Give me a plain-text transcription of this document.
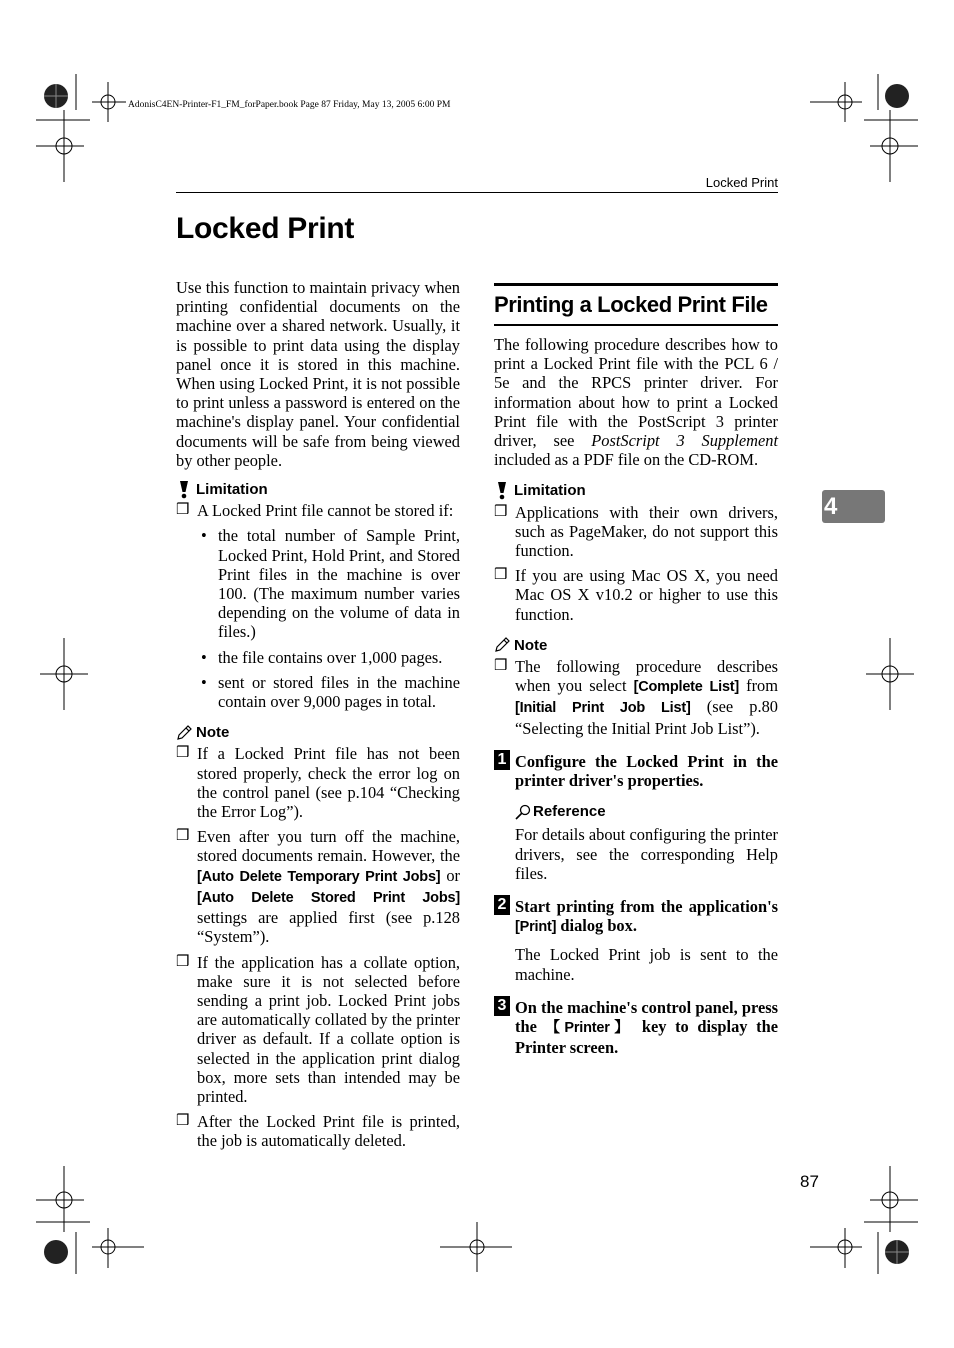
AdonisC4EN-Printer-F1_FM_forPaper.book Page 87 Friday, May 13, 2005 6:00 PM
Locked Print
Locked Print
4
87

Use this function to maintain privacy when printing confidential documents on the machine over a shared network. Usually, it is possible to print data using the display panel once it is stored in this machine. When using Locked Print, it is not possible to print unless a password is entered on the machine's display panel. Your confidential documents will be safe from being viewed by other people.

Limitation
❒ A Locked Print file cannot be stored if:
• the total number of Sample Print, Locked Print, Hold Print, and Stored Print files in the machine is over 100. (The maximum number varies depending on the volume of data in files.)
• the file contains over 1,000 pages.
• sent or stored files in the machine contain over 9,000 pages in total.
Note
❒ If a Locked Print file has not been stored properly, check the error log on the control panel (see p.104 “Checking the Error Log”).
❒ Even after you turn off the machine, stored documents remain. However, the [Auto Delete Temporary Print Jobs] or [Auto Delete Stored Print Jobs] settings are applied first (see p.128 “System”).
❒ If the application has a collate option, make sure it is not selected before sending a print job. Locked Print jobs are automatically collated by the printer driver as default. If a collate option is selected in the application print dialog box, more sets than intended may be printed.
❒ After the Locked Print file is printed, the job is automatically deleted.
Printing a Locked Print File

The following procedure describes how to print a Locked Print file with the PCL 6 / 5e and the RPCS printer driver. For information about how to print a Locked Print file with the PostScript 3 printer driver, see PostScript 3 Supplement included as a PDF file on the CD-ROM.

Limitation
❒ Applications with their own drivers, such as PageMaker, do not support this function.
❒ If you are using Mac OS X, you need Mac OS X v10.2 or higher to use this function.
Note
❒ The following procedure describes when you select [Complete List] from [Initial Print Job List] (see p.80 “Selecting the Initial Print Job List”).
1 Configure the Locked Print in the printer driver's properties.
Reference

For details about configuring the printer drivers, see the corresponding Help files.

2 Start printing from the application's [Print] dialog box.

The Locked Print job is sent to the machine.

3 On the machine's control panel, press the 【Printer】 key to display the Printer screen.
